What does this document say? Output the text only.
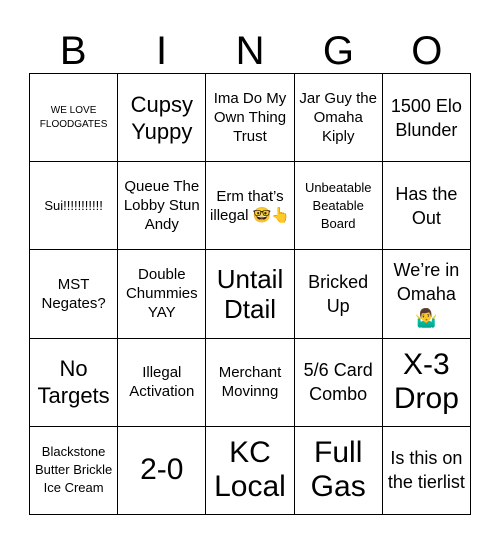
B	I	N	G	O
WE LOVE FLOODGATES
Cupsy Yuppy
Ima Do My Own Thing Trust
Jar Guy the Omaha Kiply
1500 Elo Blunder
Sui!!!!!!!!!!!
Queue The Lobby Stun Andy
Erm that’s illegal 🤓👆
Unbeatable Beatable Board
Has the Out
MST Negates?
Double Chummies YAY
Untail Dtail
Bricked Up
We’re in Omaha 🤷‍♂️
No Targets
Illegal Activation
Merchant Movinng
5/6 Card Combo
X-3 Drop
Blackstone Butter Brickle Ice Cream
2-0
KC Local
Full Gas
Is this on the tierlist
